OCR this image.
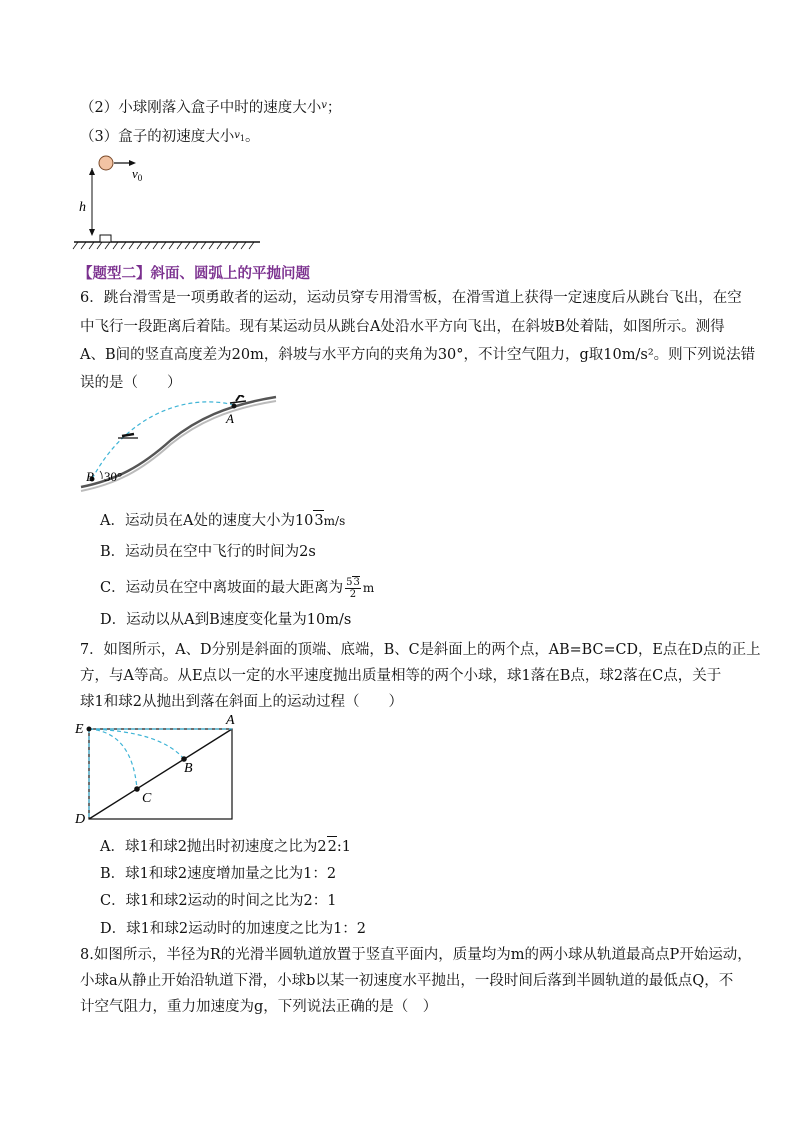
（2）小球刚落入盒子中时的速度大小$^v$；
（3）盒子的初速度大小$^v$1。
$v_0$
h
【题型二】斜面、圆弧上的平抛问题
6．跳台滑雪是一项勇敢者的运动，运动员穿专用滑雪板，在滑雪道上获得一定速度后从跳台飞出，在空
中飞行一段距离后着陆。现有某运动员从跳台A处沿水平方向飞出，在斜坡B处着陆，如图所示。测得
A、B间的竖直高度差为20m，斜坡与水平方向的夹角为30°，不计空气阻力，g取10m/s²。则下列说法错
误的是（　　）
A
B 30°
A．运动员在A处的速度大小为103m/s
B．运动员在空中飞行的时间为2s
C．运动员在空中离坡面的最大距离为 $\frac{53}{2}$ m
D．运动以从A到B速度变化量为10m/s
7．如图所示，A、D分别是斜面的顶端、底端，B、C是斜面上的两个点，AB=BC=CD，E点在D点的正上
方，与A等高。从E点以一定的水平速度抛出质量相等的两个小球，球1落在B点，球2落在C点，关于
球1和球2从抛出到落在斜面上的运动过程（　　）
E
A
B
C
D
A．球1和球2抛出时初速度之比为22:1
B．球1和球2速度增加量之比为1：2
C．球1和球2运动的时间之比为2：1
D．球1和球2运动时的加速度之比为1：2
8.如图所示，半径为R的光滑半圆轨道放置于竖直平面内，质量均为m的两小球从轨道最高点P开始运动，
小球a从静止开始沿轨道下滑，小球b以某一初速度水平抛出，一段时间后落到半圆轨道的最低点Q，不
计空气阻力，重力加速度为g，下列说法正确的是（　）
